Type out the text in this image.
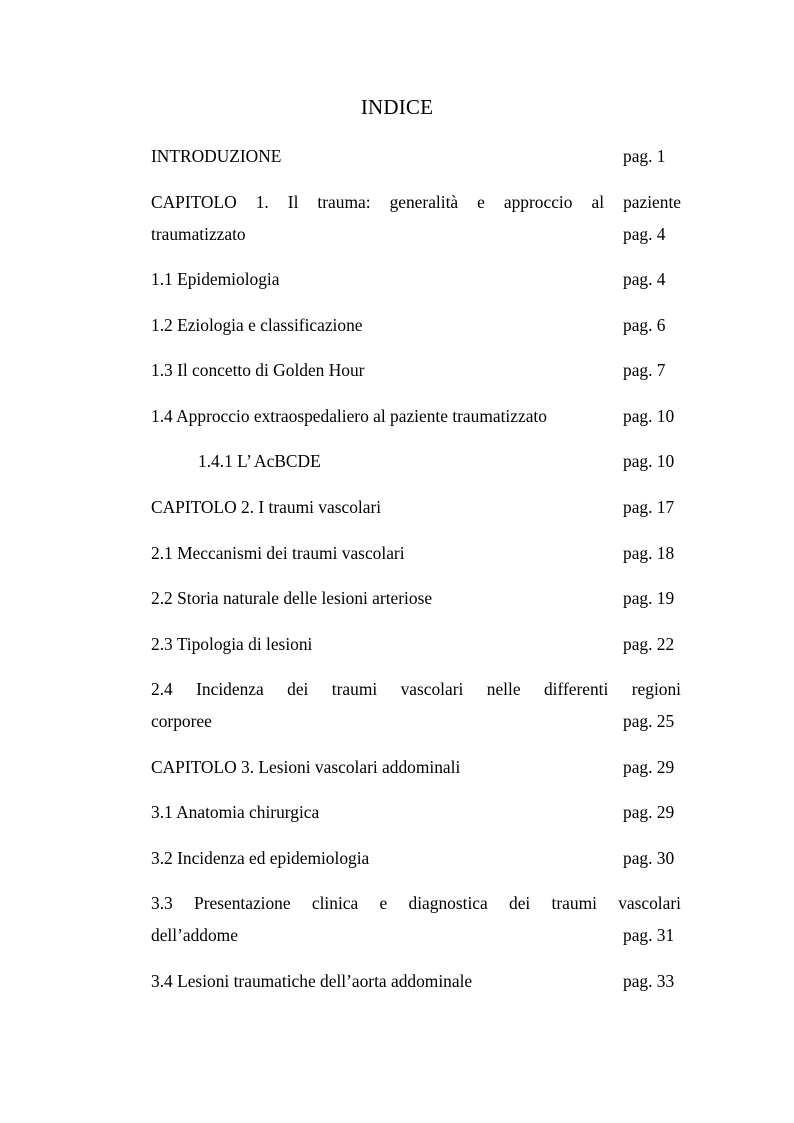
INDICE
INTRODUZIONE	pag. 1
CAPITOLO 1. Il trauma: generalità e approccio al paziente
traumatizzato	pag. 4
1.1 Epidemiologia	pag. 4
1.2 Eziologia e classificazione	pag. 6
1.3 Il concetto di Golden Hour	pag. 7
1.4 Approccio extraospedaliero al paziente traumatizzato	pag. 10
1.4.1 L’ AcBCDE	pag. 10
CAPITOLO 2. I traumi vascolari	pag. 17
2.1 Meccanismi dei traumi vascolari	pag. 18
2.2 Storia naturale delle lesioni arteriose	pag. 19
2.3 Tipologia di lesioni	pag. 22
2.4 Incidenza dei traumi vascolari nelle differenti regioni
corporee	pag. 25
CAPITOLO 3. Lesioni vascolari addominali	pag. 29
3.1 Anatomia chirurgica	pag. 29
3.2 Incidenza ed epidemiologia	pag. 30
3.3 Presentazione clinica e diagnostica dei traumi vascolari
dell’addome	pag. 31
3.4 Lesioni traumatiche dell’aorta addominale	pag. 33
